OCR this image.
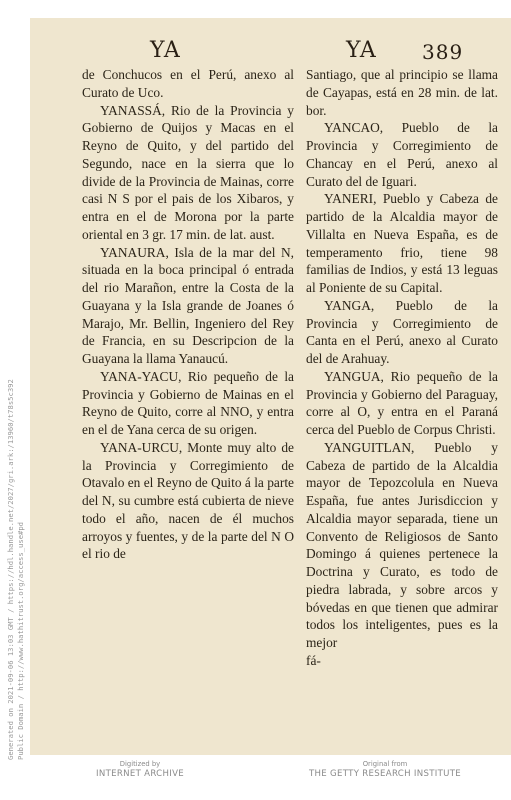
Generated on 2021-09-06 13:03 GMT / https://hdl.handle.net/2027/gri.ark:/13960/t78s5c392 Public Domain / http://www.hathitrust.org/access_use#pd
YA	YA 389

de Conchucos en el Perú, anexo al Curato de Uco.

YANASSÁ, Rio de la Provincia y Gobierno de Quijos y Macas en el Reyno de Quito, y del partido del Segundo, nace en la sierra que lo divide de la Provincia de Mainas, corre casi N S por el pais de los Xibaros, y entra en el de Morona por la parte oriental en 3 gr. 17 min. de lat. aust.

YANAURA, Isla de la mar del N, situada en la boca principal ó entrada del rio Marañon, entre la Costa de la Guayana y la Isla grande de Joanes ó Marajo, Mr. Bellin, Ingeniero del Rey de Francia, en su Descripcion de la Guayana la llama Yanaucú.

YANA-YACU, Rio pequeño de la Provincia y Gobierno de Mainas en el Reyno de Quito, corre al NNO, y entra en el de Yana cerca de su origen.

YANA-URCU, Monte muy alto de la Provincia y Corregimiento de Otavalo en el Reyno de Quito á la parte del N, su cumbre está cubierta de nieve todo el año, nacen de él muchos arroyos y fuentes, y de la parte del N O el rio de

Santiago, que al principio se llama de Cayapas, está en 28 min. de lat. bor.

YANCAO, Pueblo de la Provincia y Corregimiento de Chancay en el Perú, anexo al Curato del de Iguari.

YANERI, Pueblo y Cabeza de partido de la Alcaldia mayor de Villalta en Nueva España, es de temperamento frio, tiene 98 familias de Indios, y está 13 leguas al Poniente de su Capital.

YANGA, Pueblo de la Provincia y Corregimiento de Canta en el Perú, anexo al Curato del de Arahuay.

YANGUA, Rio pequeño de la Provincia y Gobierno del Paraguay, corre al O, y entra en el Paraná cerca del Pueblo de Corpus Christi.

YANGUITLAN, Pueblo y Cabeza de partido de la Alcaldia mayor de Tepozcolula en Nueva España, fue antes Jurisdiccion y Alcaldia mayor separada, tiene un Convento de Religiosos de Santo Domingo á quienes pertenece la Doctrina y Curato, es todo de piedra labrada, y sobre arcos y bóvedas en que tienen que admirar todos los inteligentes, pues es la mejor

fá-

Digitized by
INTERNET ARCHIVE
Original from
THE GETTY RESEARCH INSTITUTE
